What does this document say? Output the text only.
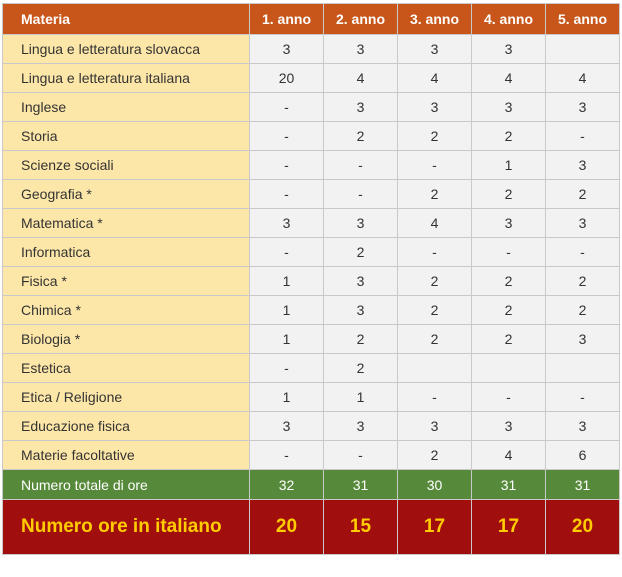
Materia	1. anno	2. anno	3. anno	4. anno	5. anno
Lingua e letteratura slovacca	3	3	3	3	
Lingua e letteratura italiana	20	4	4	4	4
Inglese	-	3	3	3	3
Storia	-	2	2	2	-
Scienze sociali	-	-	-	1	3
Geografia *	-	-	2	2	2
Matematica *	3	3	4	3	3
Informatica	-	2	-	-	-
Fisica *	1	3	2	2	2
Chimica *	1	3	2	2	2
Biologia *	1	2	2	2	3
Estetica	-	2			
Etica / Religione	1	1	-	-	-
Educazione fisica	3	3	3	3	3
Materie facoltative	-	-	2	4	6
Numero totale di ore	32	31	30	31	31
Numero ore in italiano	20	15	17	17	20
